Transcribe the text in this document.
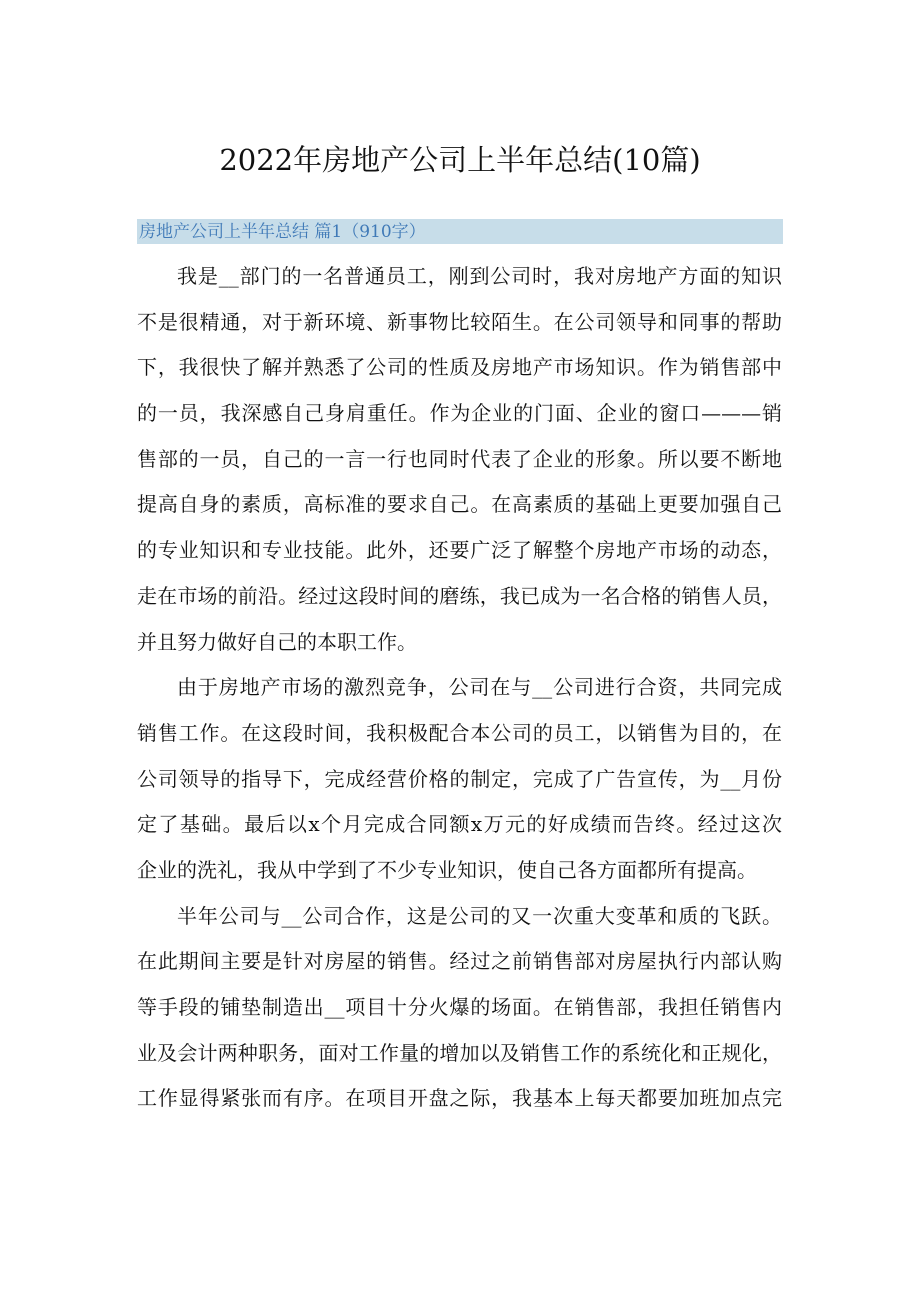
2022年房地产公司上半年总结(10篇)
房地产公司上半年总结 篇1（910字）
我是__部门的一名普通员工，刚到公司时，我对房地产方面的知识
不是很精通，对于新环境、新事物比较陌生。在公司领导和同事的帮助
下，我很快了解并熟悉了公司的性质及房地产市场知识。作为销售部中
的一员，我深感自己身肩重任。作为企业的门面、企业的窗口———销
售部的一员，自己的一言一行也同时代表了企业的形象。所以要不断地
提高自身的素质，高标准的要求自己。在高素质的基础上更要加强自己
的专业知识和专业技能。此外，还要广泛了解整个房地产市场的动态，
走在市场的前沿。经过这段时间的磨练，我已成为一名合格的销售人员，
并且努力做好自己的本职工作。
由于房地产市场的激烈竞争，公司在与__公司进行合资，共同完成
销售工作。在这段时间，我积极配合本公司的员工，以销售为目的，在
公司领导的指导下，完成经营价格的制定，完成了广告宣传，为__月份
定了基础。最后以x个月完成合同额x万元的好成绩而告终。经过这次
企业的洗礼，我从中学到了不少专业知识，使自己各方面都所有提高。
半年公司与__公司合作，这是公司的又一次重大变革和质的飞跃。
在此期间主要是针对房屋的销售。经过之前销售部对房屋执行内部认购
等手段的铺垫制造出__项目十分火爆的场面。在销售部，我担任销售内
业及会计两种职务，面对工作量的增加以及销售工作的系统化和正规化，
工作显得紧张而有序。在项目开盘之际，我基本上每天都要加班加点完
